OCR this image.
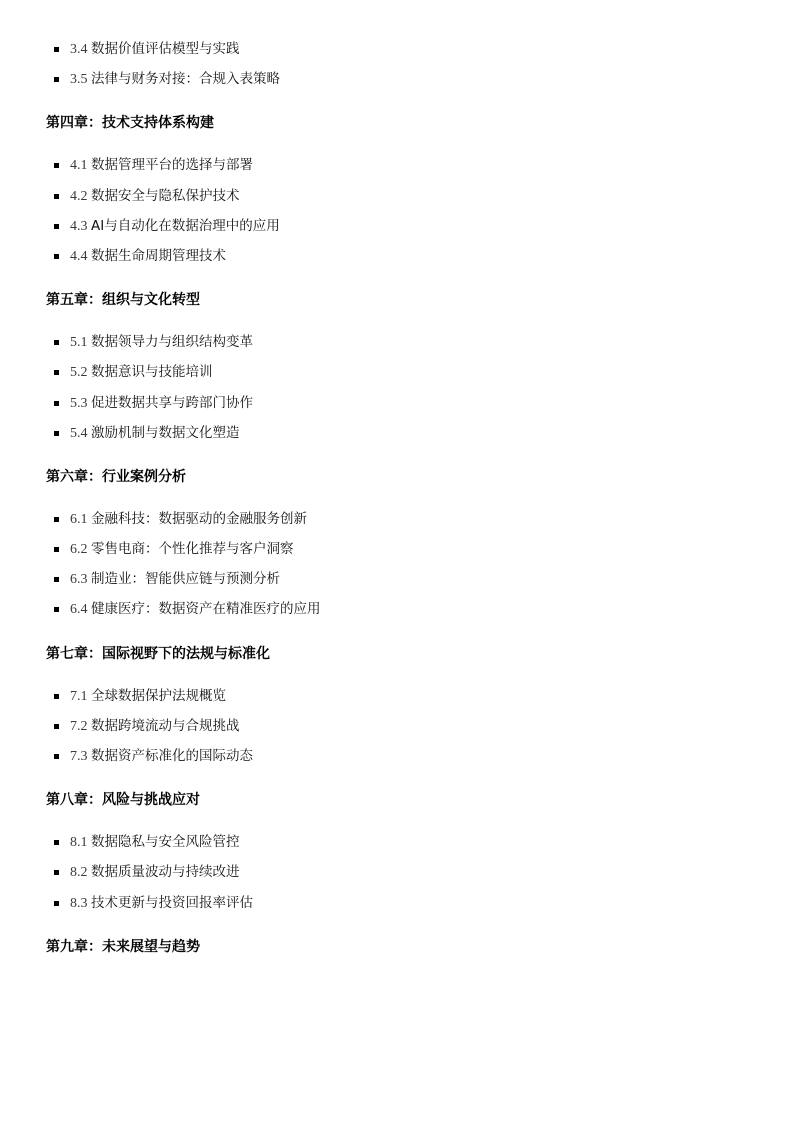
3.4 数据价值评估模型与实践
3.5 法律与财务对接：合规入表策略
第四章：技术支持体系构建
4.1 数据管理平台的选择与部署
4.2 数据安全与隐私保护技术
4.3 AI与自动化在数据治理中的应用
4.4 数据生命周期管理技术
第五章：组织与文化转型
5.1 数据领导力与组织结构变革
5.2 数据意识与技能培训
5.3 促进数据共享与跨部门协作
5.4 激励机制与数据文化塑造
第六章：行业案例分析
6.1 金融科技：数据驱动的金融服务创新
6.2 零售电商：个性化推荐与客户洞察
6.3 制造业：智能供应链与预测分析
6.4 健康医疗：数据资产在精准医疗的应用
第七章：国际视野下的法规与标准化
7.1 全球数据保护法规概览
7.2 数据跨境流动与合规挑战
7.3 数据资产标准化的国际动态
第八章：风险与挑战应对
8.1 数据隐私与安全风险管控
8.2 数据质量波动与持续改进
8.3 技术更新与投资回报率评估
第九章：未来展望与趋势
